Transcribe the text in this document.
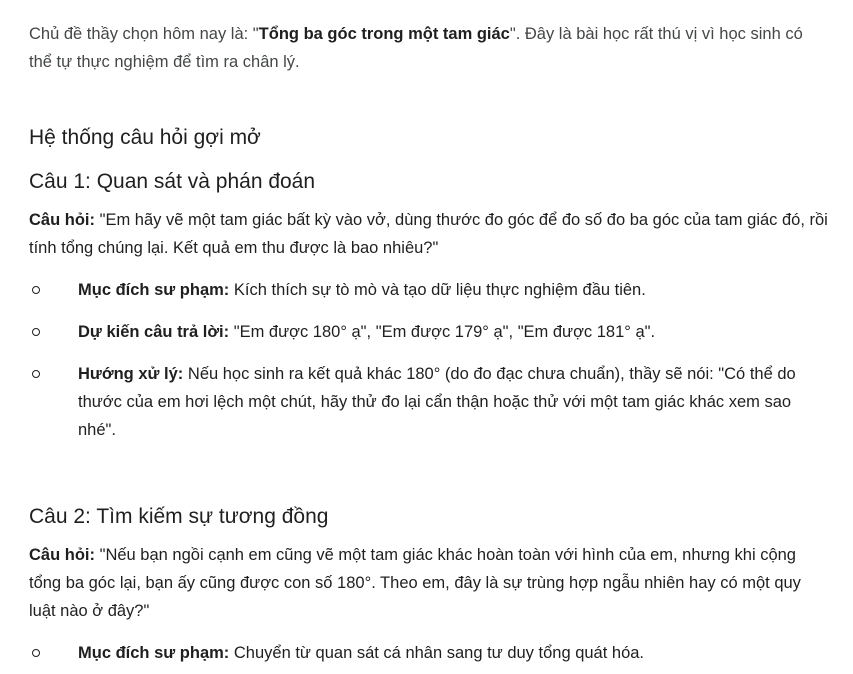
Chủ đề thầy chọn hôm nay là: "Tổng ba góc trong một tam giác". Đây là bài học rất thú vị vì học sinh có thể tự thực nghiệm để tìm ra chân lý.

Hệ thống câu hỏi gợi mở
Câu 1: Quan sát và phán đoán

Câu hỏi: "Em hãy vẽ một tam giác bất kỳ vào vở, dùng thước đo góc để đo số đo ba góc của tam giác đó, rồi tính tổng chúng lại. Kết quả em thu được là bao nhiêu?"

Mục đích sư phạm: Kích thích sự tò mò và tạo dữ liệu thực nghiệm đầu tiên.
Dự kiến câu trả lời: "Em được 180° ạ", "Em được 179° ạ", "Em được 181° ạ".
Hướng xử lý: Nếu học sinh ra kết quả khác 180° (do đo đạc chưa chuẩn), thầy sẽ nói: "Có thể do thước của em hơi lệch một chút, hãy thử đo lại cẩn thận hoặc thử với một tam giác khác xem sao nhé".
Câu 2: Tìm kiếm sự tương đồng

Câu hỏi: "Nếu bạn ngồi cạnh em cũng vẽ một tam giác khác hoàn toàn với hình của em, nhưng khi cộng tổng ba góc lại, bạn ấy cũng được con số 180°. Theo em, đây là sự trùng hợp ngẫu nhiên hay có một quy luật nào ở đây?"

Mục đích sư phạm: Chuyển từ quan sát cá nhân sang tư duy tổng quát hóa.
